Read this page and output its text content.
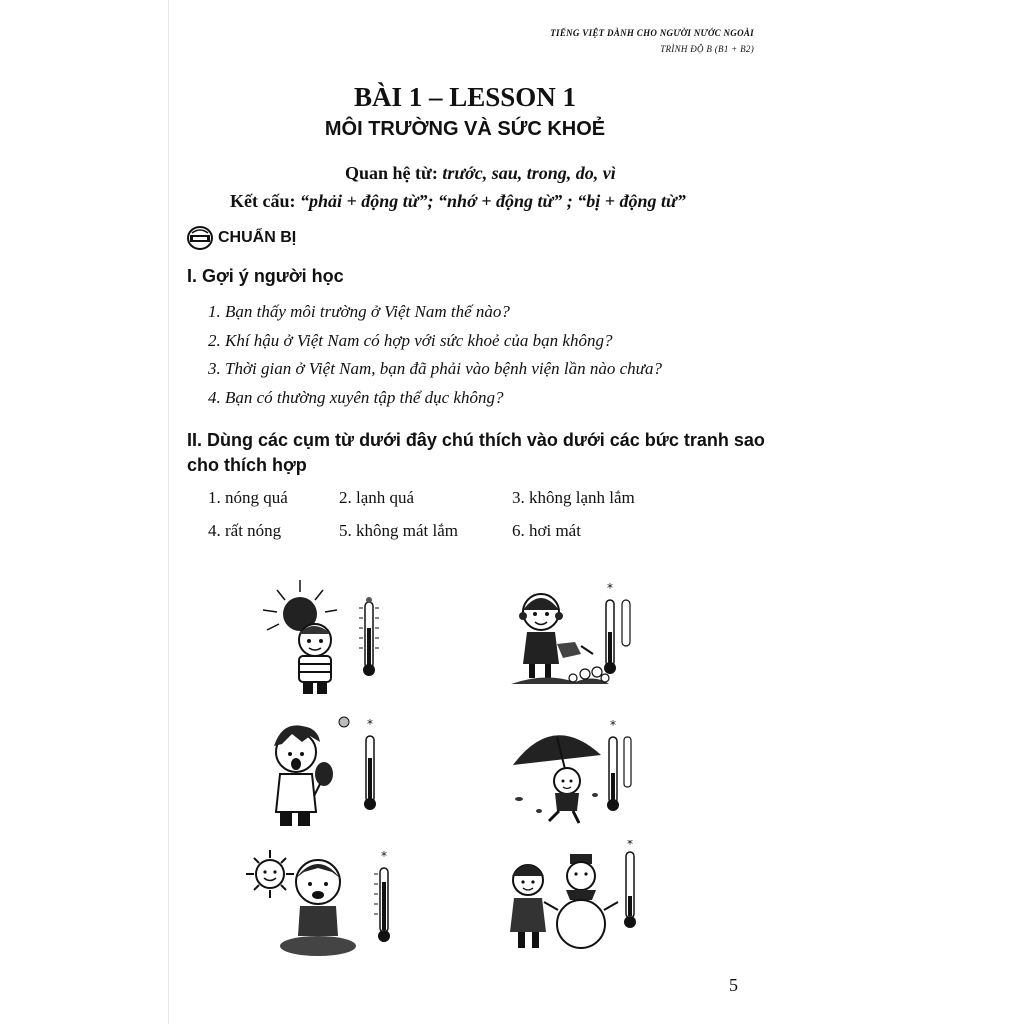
TIẾNG VIỆT DÀNH CHO NGƯỜI NƯỚC NGOÀI
TRÌNH ĐỘ B (B1 + B2)
BÀI 1 – LESSON 1
MÔI TRƯỜNG VÀ SỨC KHOẺ
Quan hệ từ: trước, sau, trong, do, vì
Kết cấu: “phải + động từ”; “nhớ + động từ” ; “bị + động từ”
CHUẨN BỊ
I. Gợi ý người học
1. Bạn thấy môi trường ở Việt Nam thế nào?
2. Khí hậu ở Việt Nam có hợp với sức khoẻ của bạn không?
3. Thời gian ở Việt Nam, bạn đã phải vào bệnh viện lần nào chưa?
4. Bạn có thường xuyên tập thể dục không?
II. Dùng các cụm từ dưới đây chú thích vào dưới các bức tranh sao cho thích hợp
1. nóng quá	2. lạnh quá	3. không lạnh lắm
4. rất nóng	5. không mát lắm	6. hơi mát
*
*	*
*
*
5
